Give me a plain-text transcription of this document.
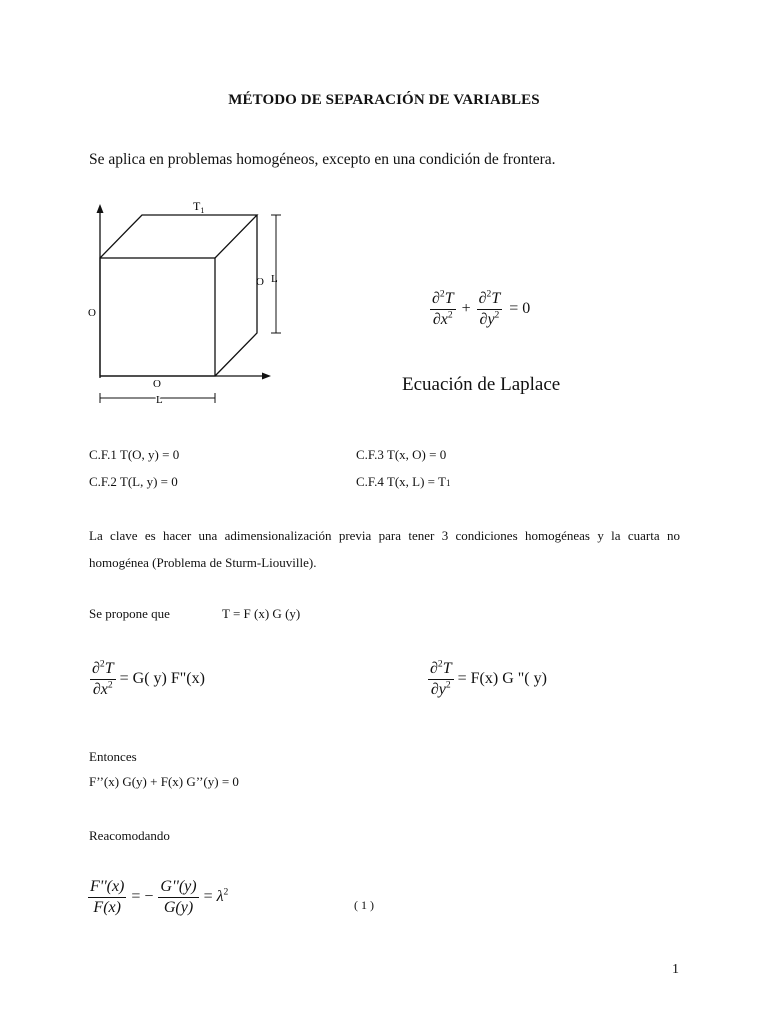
MÉTODO DE SEPARACIÓN DE VARIABLES
Se aplica en problemas homogéneos, excepto en una condición de frontera.
$T_1$
O L
O
O
L
$\frac{\partial^2T}{\partial x^2} + \frac{\partial^2T}{\partial y^2} = 0$
Ecuación de Laplace
C.F.1 T(O, y) = 0
C.F.2 T(L, y) = 0
C.F.3 T(x, O) = 0
C.F.4 T(x, L) = T1
La clave es hacer una adimensionalización previa para tener 3 condiciones homogéneas y la cuarta no homogénea (Problema de Sturm-Liouville).
Se propone que	T = F (x) G (y)
$\frac{\partial^2T}{\partial x^2} = G$( y) F"(x)	$\frac{\partial^2T}{\partial y^2} = F(x)$ G "( y)
Entonces
F’’(x) G(y) + F(x) G’’(y) = 0
Reacomodando
$\frac{F''(x)}{F(x)}$ = − $\frac{G''(y)}{G(y)} = \lambda^2$
( 1 )
1
